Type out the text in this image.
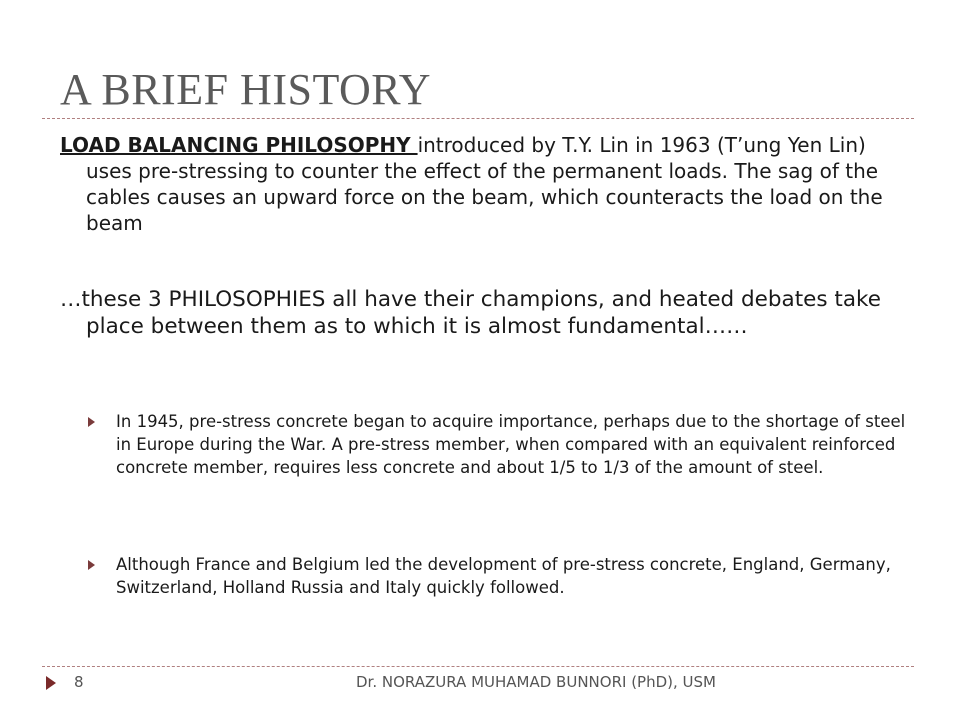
A BRIEF HISTORY

LOAD BALANCING PHILOSOPHY introduced by T.Y. Lin in 1963 (T’ung Yen Lin) uses pre-stressing to counter the effect of the permanent loads. The sag of the cables causes an upward force on the beam, which counteracts the load on the beam

…these 3 PHILOSOPHIES all have their champions, and heated debates take place between them as to which it is almost fundamental……

In 1945, pre-stress concrete began to acquire importance, perhaps due to the shortage of steel in Europe during the War. A pre-stress member, when compared with an equivalent reinforced concrete member, requires less concrete and about 1/5 to 1/3 of the amount of steel.

Although France and Belgium led the development of pre-stress concrete, England, Germany, Switzerland, Holland Russia and Italy quickly followed.

8	Dr. NORAZURA MUHAMAD BUNNORI (PhD), USM
